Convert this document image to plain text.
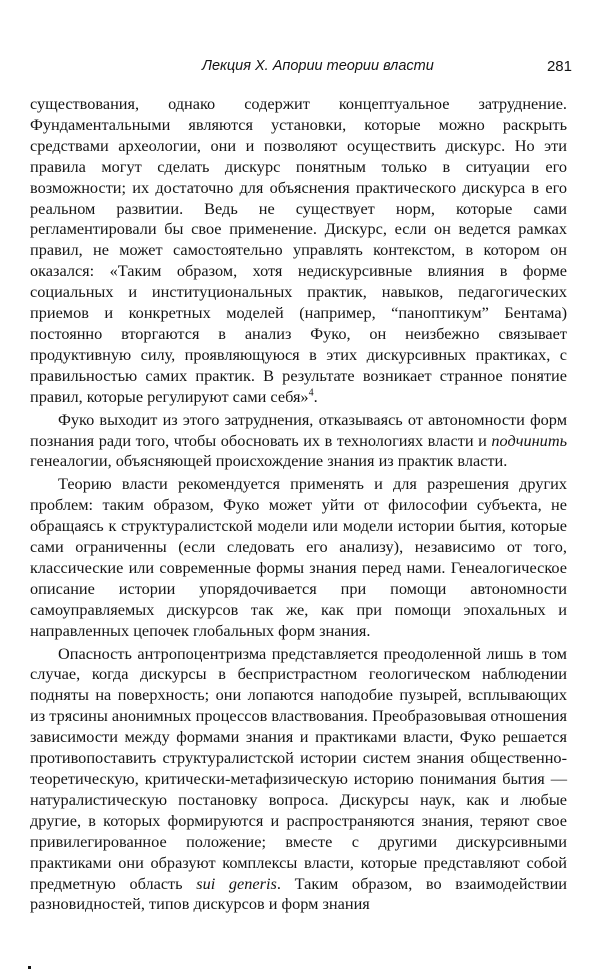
Лекция X. Апории теории власти	281

существования, однако содержит концептуальное затруднение. Фундаментальными являются установки, которые можно раскрыть средствами археологии, они и позволяют осуществить дискурс. Но эти правила могут сделать дискурс понятным только в ситуации его возможности; их достаточно для объяснения практического дискурса в его реальном развитии. Ведь не существует норм, которые сами регламентировали бы свое применение. Дискурс, если он ведется рамках правил, не может самостоятельно управлять контекстом, в котором он оказался: «Таким образом, хотя недискурсивные влияния в форме социальных и институциональных практик, навыков, педагогических приемов и конкретных моделей (например, “паноптикум” Бентама) постоянно вторгаются в анализ Фуко, он неизбежно связывает продуктивную силу, проявляющуюся в этих дискурсивных практиках, с правильностью самих практик. В результате возникает странное понятие правил, которые регулируют сами себя»$^4$.

Фуко выходит из этого затруднения, отказываясь от автономности форм познания ради того, чтобы обосновать их в технологиях власти и подчинить генеалогии, объясняющей происхождение знания из практик власти.

Теорию власти рекомендуется применять и для разрешения других проблем: таким образом, Фуко может уйти от философии субъекта, не обращаясь к структуралистской модели или модели истории бытия, которые сами ограниченны (если следовать его анализу), независимо от того, классические или современные формы знания перед нами. Генеалогическое описание истории упорядочивается при помощи автономности самоуправляемых дискурсов так же, как при помощи эпохальных и направленных цепочек глобальных форм знания.

Опасность антропоцентризма представляется преодоленной лишь в том случае, когда дискурсы в беспристрастном геологическом наблюдении подняты на поверхность; они лопаются наподобие пузырей, всплывающих из трясины анонимных процессов властвования. Преобразовывая отношения зависимости между формами знания и практиками власти, Фуко решается противопоставить структуралистской истории систем знания общественно-теоретическую, критически-метафизическую историю понимания бытия — натуралистическую постановку вопроса. Дискурсы наук, как и любые другие, в которых формируются и распространяются знания, теряют свое привилегированное положение; вместе с другими дискурсивными практиками они образуют комплексы власти, которые представляют собой предметную область sui generis. Таким образом, во взаимодействии разновидностей, типов дискурсов и форм знания
